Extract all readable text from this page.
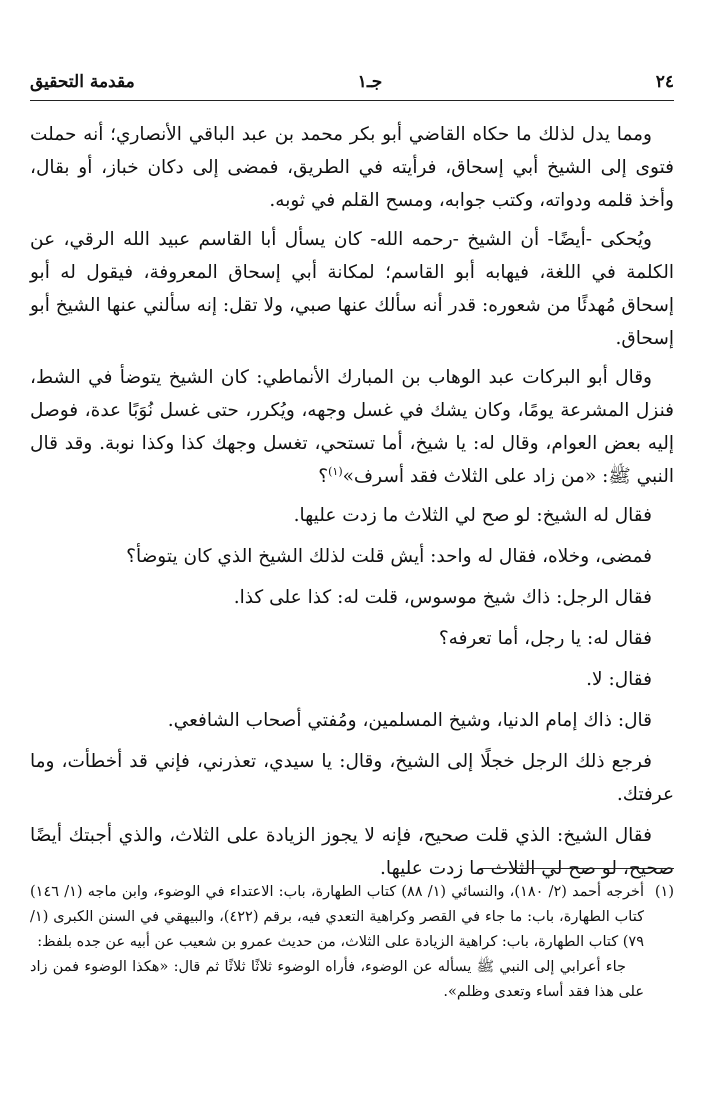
٢٤
جـ١
مقدمة التحقيق

ومما يدل لذلك ما حكاه القاضي أبو بكر محمد بن عبد الباقي الأنصاري؛ أنه حملت فتوى إلى الشيخ أبي إسحاق، فرأيته في الطريق، فمضى إلى دكان خباز، أو بقال، وأخذ قلمه ودواته، وكتب جوابه، ومسح القلم في ثوبه.

ويُحكى -أيضًا- أن الشيخ -رحمه الله- كان يسأل أبا القاسم عبيد الله الرقي، عن الكلمة في اللغة، فيهابه أبو القاسم؛ لمكانة أبي إسحاق المعروفة، فيقول له أبو إسحاق مُهدئًا من شعوره: قدر أنه سألك عنها صبي، ولا تقل: إنه سألني عنها الشيخ أبو إسحاق.

وقال أبو البركات عبد الوهاب بن المبارك الأنماطي: كان الشيخ يتوضأ في الشط، فنزل المشرعة يومًا، وكان يشك في غسل وجهه، ويُكرر، حتى غسل نُوَبًا عدة، فوصل إليه بعض العوام، وقال له: يا شيخ، أما تستحي، تغسل وجهك كذا وكذا نوبة. وقد قال النبي ﷺ: «من زاد على الثلاث فقد أسرف»$^{(١)}$؟

فقال له الشيخ: لو صح لي الثلاث ما زدت عليها.

فمضى، وخلاه، فقال له واحد: أيش قلت لذلك الشيخ الذي كان يتوضأ؟

فقال الرجل: ذاك شيخ موسوس، قلت له: كذا على كذا.

فقال له: يا رجل، أما تعرفه؟

فقال: لا.

قال: ذاك إمام الدنيا، وشيخ المسلمين، ومُفتي أصحاب الشافعي.

فرجع ذلك الرجل خجلًا إلى الشيخ، وقال: يا سيدي، تعذرني، فإني قد أخطأت، وما عرفتك.

فقال الشيخ: الذي قلت صحيح، فإنه لا يجوز الزيادة على الثلاث، والذي أجبتك أيضًا صحيح، لو صح لي الثلاث ما زدت عليها.

(١)
أخرجه أحمد (٢/ ١٨٠)، والنسائي (١/ ٨٨) كتاب الطهارة، باب: الاعتداء في الوضوء، وابن ماجه (١/ ١٤٦) كتاب الطهارة، باب: ما جاء في القصر وكراهية التعدي فيه، برقم (٤٢٢)، والبيهقي في السنن الكبرى (١/ ٧٩) كتاب الطهارة، باب: كراهية الزيادة على الثلاث، من حديث عمرو بن شعيب عن أبيه عن جده بلفظ:
جاء أعرابي إلى النبي ﷺ يسأله عن الوضوء، فأراه الوضوء ثلاثًا ثلاثًا ثم قال: «هكذا الوضوء فمن زاد على هذا فقد أساء وتعدى وظلم».
